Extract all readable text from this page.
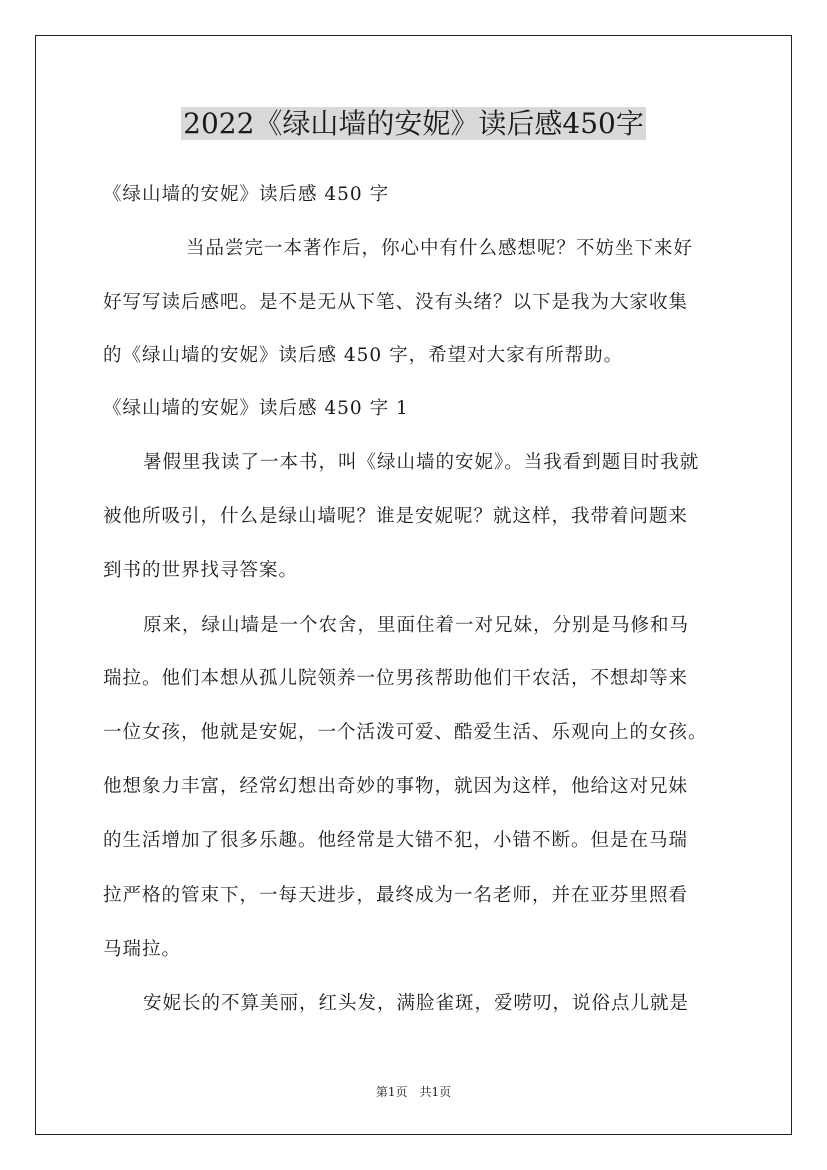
2022《绿山墙的安妮》读后感450字
《绿山墙的安妮》读后感 450 字
当品尝完一本著作后，你心中有什么感想呢？不妨坐下来好
好写写读后感吧。是不是无从下笔、没有头绪？以下是我为大家收集
的《绿山墙的安妮》读后感 450 字，希望对大家有所帮助。
《绿山墙的安妮》读后感 450 字 1
暑假里我读了一本书，叫《绿山墙的安妮》。当我看到题目时我就
被他所吸引，什么是绿山墙呢？谁是安妮呢？就这样，我带着问题来
到书的世界找寻答案。
原来，绿山墙是一个农舍，里面住着一对兄妹，分别是马修和马
瑞拉。他们本想从孤儿院领养一位男孩帮助他们干农活，不想却等来
一位女孩，他就是安妮，一个活泼可爱、酷爱生活、乐观向上的女孩。
他想象力丰富，经常幻想出奇妙的事物，就因为这样，他给这对兄妹
的生活增加了很多乐趣。他经常是大错不犯，小错不断。但是在马瑞
拉严格的管束下，一每天进步，最终成为一名老师，并在亚芬里照看
马瑞拉。
安妮长的不算美丽，红头发，满脸雀斑，爱唠叨，说俗点儿就是
第1页　共1页
